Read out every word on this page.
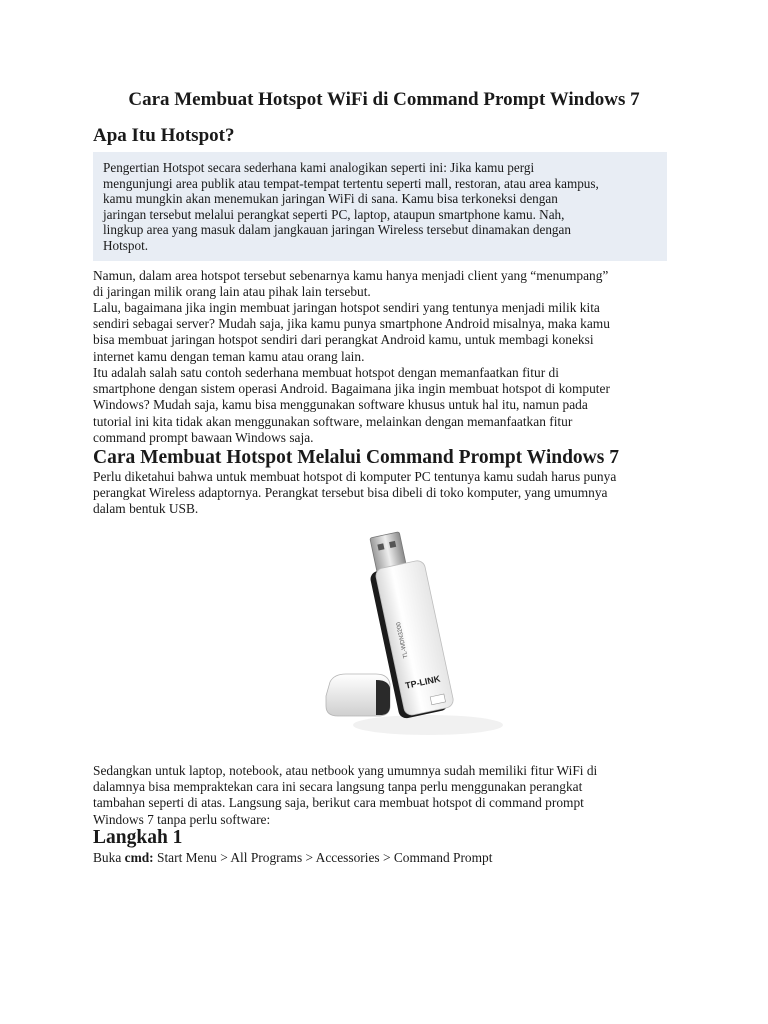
Cara Membuat Hotspot WiFi di Command Prompt Windows 7
Apa Itu Hotspot?
Pengertian Hotspot secara sederhana kami analogikan seperti ini: Jika kamu pergi
mengunjungi area publik atau tempat-tempat tertentu seperti mall, restoran, atau area kampus,
kamu mungkin akan menemukan jaringan WiFi di sana. Kamu bisa terkoneksi dengan
jaringan tersebut melalui perangkat seperti PC, laptop, ataupun smartphone kamu. Nah,
lingkup area yang masuk dalam jangkauan jaringan Wireless tersebut dinamakan dengan
Hotspot.

Namun, dalam area hotspot tersebut sebenarnya kamu hanya menjadi client yang “menumpang”
di jaringan milik orang lain atau pihak lain tersebut.

Lalu, bagaimana jika ingin membuat jaringan hotspot sendiri yang tentunya menjadi milik kita
sendiri sebagai server? Mudah saja, jika kamu punya smartphone Android misalnya, maka kamu
bisa membuat jaringan hotspot sendiri dari perangkat Android kamu, untuk membagi koneksi
internet kamu dengan teman kamu atau orang lain.

Itu adalah salah satu contoh sederhana membuat hotspot dengan memanfaatkan fitur di
smartphone dengan sistem operasi Android. Bagaimana jika ingin membuat hotspot di komputer
Windows? Mudah saja, kamu bisa menggunakan software khusus untuk hal itu, namun pada
tutorial ini kita tidak akan menggunakan software, melainkan dengan memanfaatkan fitur
command prompt bawaan Windows saja.

Cara Membuat Hotspot Melalui Command Prompt Windows 7

Perlu diketahui bahwa untuk membuat hotspot di komputer PC tentunya kamu sudah harus punya
perangkat Wireless adaptornya. Perangkat tersebut bisa dibeli di toko komputer, yang umumnya
dalam bentuk USB.

TL-WDN3200
TP-LINK

Sedangkan untuk laptop, notebook, atau netbook yang umumnya sudah memiliki fitur WiFi di
dalamnya bisa mempraktekan cara ini secara langsung tanpa perlu menggunakan perangkat
tambahan seperti di atas. Langsung saja, berikut cara membuat hotspot di command prompt
Windows 7 tanpa perlu software:

Langkah 1

Buka cmd: Start Menu > All Programs > Accessories > Command Prompt
